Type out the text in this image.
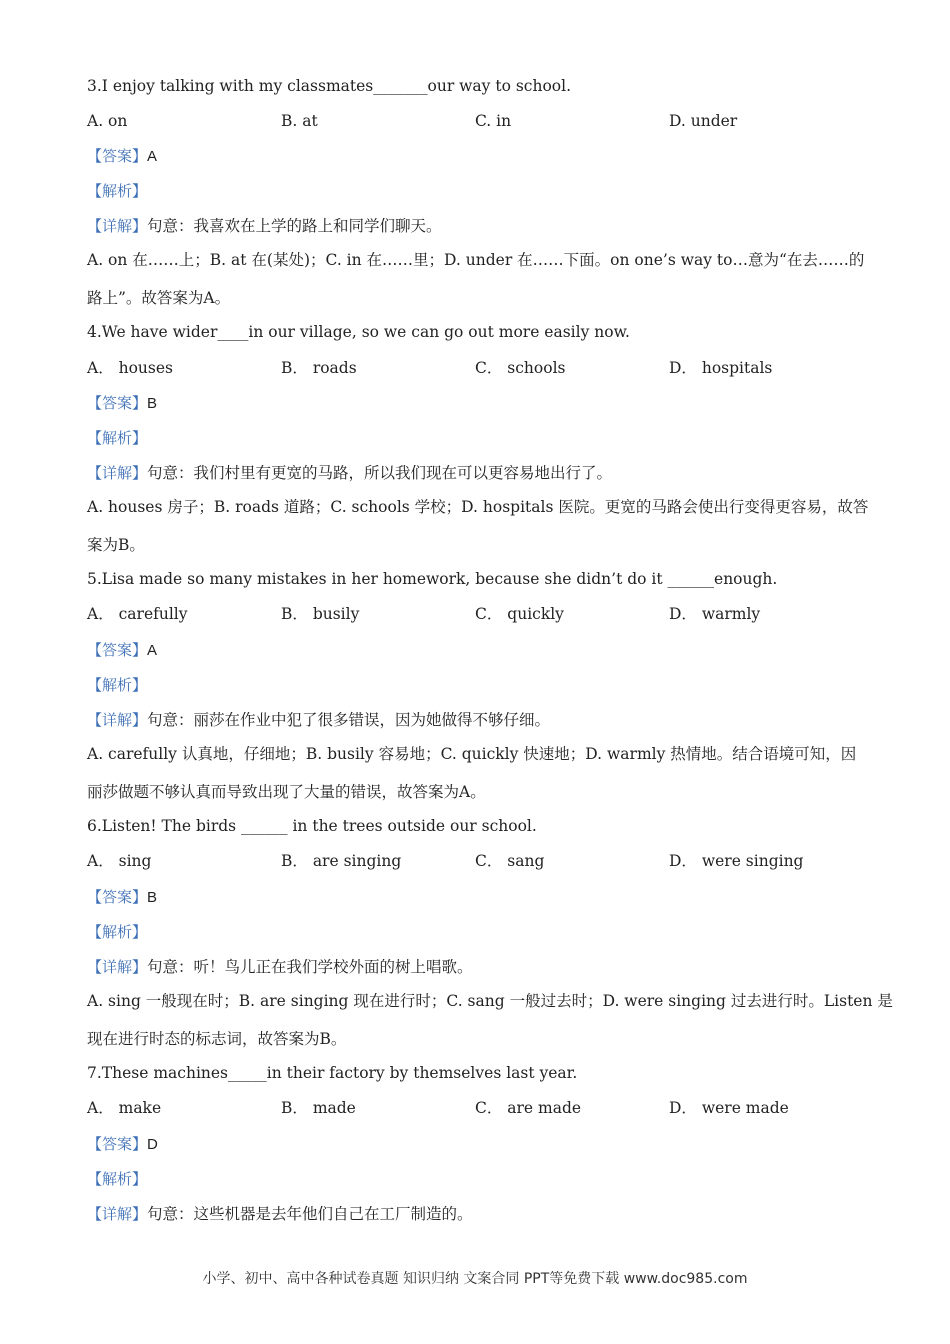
3.I enjoy talking with my classmates_______our way to school.
A. on	B. at	C. in	D. under
【答案】A
【解析】
【详解】句意：我喜欢在上学的路上和同学们聊天。
A. on 在……上；B. at 在(某处)；C. in 在……里；D. under 在……下面。on one’s way to…意为“在去……的
路上”。故答案为A。
4.We have wider____in our village, so we can go out more easily now.
A． houses	B． roads	C． schools	D． hospitals
【答案】B
【解析】
【详解】句意：我们村里有更宽的马路，所以我们现在可以更容易地出行了。
A. houses 房子；B. roads 道路；C. schools 学校；D. hospitals 医院。更宽的马路会使出行变得更容易，故答
案为B。
5.Lisa made so many mistakes in her homework, because she didn’t do it ______enough.
A． carefully	B． busily	C． quickly	D． warmly
【答案】A
【解析】
【详解】句意：丽莎在作业中犯了很多错误，因为她做得不够仔细。
A. carefully 认真地，仔细地；B. busily 容易地；C. quickly 快速地；D. warmly 热情地。结合语境可知，因
丽莎做题不够认真而导致出现了大量的错误，故答案为A。
6.Listen! The birds ______ in the trees outside our school.
A． sing	B． are singing	C． sang	D． were singing
【答案】B
【解析】
【详解】句意：听！鸟儿正在我们学校外面的树上唱歌。
A. sing 一般现在时；B. are singing 现在进行时；C. sang 一般过去时；D. were singing 过去进行时。Listen 是
现在进行时态的标志词，故答案为B。
7.These machines_____in their factory by themselves last year.
A． make	B． made	C． are made	D． were made
【答案】D
【解析】
【详解】句意：这些机器是去年他们自己在工厂制造的。
小学、初中、高中各种试卷真题 知识归纳 文案合同 PPT等免费下载 www.doc985.com
